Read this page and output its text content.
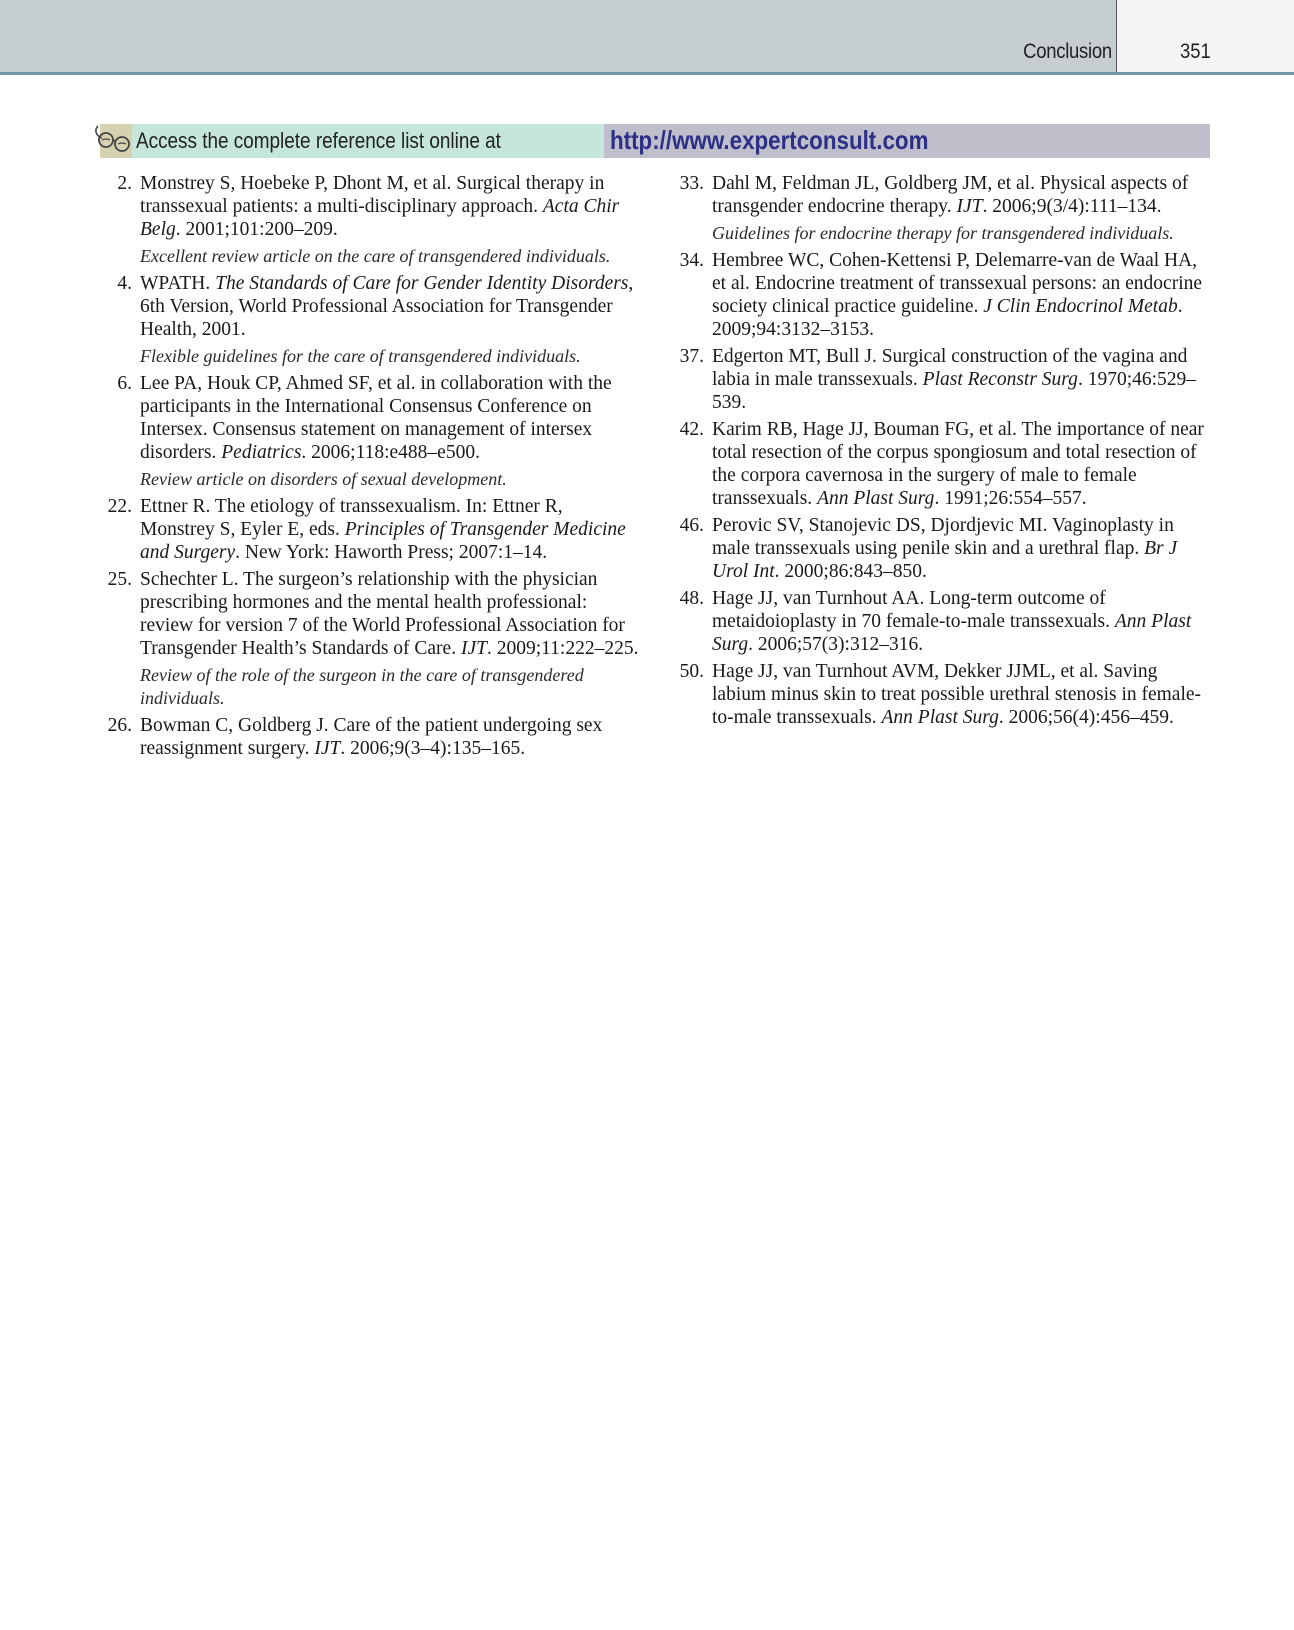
Conclusion	351
Access the complete reference list online at	http://www.expertconsult.com
2. Monstrey S, Hoebeke P, Dhont M, et al. Surgical therapy in transsexual patients: a multi-disciplinary approach. Acta Chir Belg. 2001;101:200–209.
Excellent review article on the care of transgendered individuals.
4. WPATH. The Standards of Care for Gender Identity Disorders, 6th Version, World Professional Association for Transgender Health, 2001.
Flexible guidelines for the care of transgendered individuals.
6. Lee PA, Houk CP, Ahmed SF, et al. in collaboration with the participants in the International Consensus Conference on Intersex. Consensus statement on management of intersex disorders. Pediatrics. 2006;118:e488–e500.
Review article on disorders of sexual development.
22. Ettner R. The etiology of transsexualism. In: Ettner R, Monstrey S, Eyler E, eds. Principles of Transgender Medicine and Surgery. New York: Haworth Press; 2007:1–14.
25. Schechter L. The surgeon’s relationship with the physician prescribing hormones and the mental health professional: review for version 7 of the World Professional Association for Transgender Health’s Standards of Care. IJT. 2009;11:222–225.
Review of the role of the surgeon in the care of transgendered individuals.
26. Bowman C, Goldberg J. Care of the patient undergoing sex reassignment surgery. IJT. 2006;9(3–4):135–165.
33. Dahl M, Feldman JL, Goldberg JM, et al. Physical aspects of transgender endocrine therapy. IJT. 2006;9(3/4):111–134.
Guidelines for endocrine therapy for transgendered individuals.
34. Hembree WC, Cohen-Kettensi P, Delemarre-van de Waal HA, et al. Endocrine treatment of transsexual persons: an endocrine society clinical practice guideline. J Clin Endocrinol Metab. 2009;94:3132–3153.
37. Edgerton MT, Bull J. Surgical construction of the vagina and labia in male transsexuals. Plast Reconstr Surg. 1970;46:529–539.
42. Karim RB, Hage JJ, Bouman FG, et al. The importance of near total resection of the corpus spongiosum and total resection of the corpora cavernosa in the surgery of male to female transsexuals. Ann Plast Surg. 1991;26:554–557.
46. Perovic SV, Stanojevic DS, Djordjevic MI. Vaginoplasty in male transsexuals using penile skin and a urethral flap. Br J Urol Int. 2000;86:843–850.
48. Hage JJ, van Turnhout AA. Long-term outcome of metaidoioplasty in 70 female-to-male transsexuals. Ann Plast Surg. 2006;57(3):312–316.
50. Hage JJ, van Turnhout AVM, Dekker JJML, et al. Saving labium minus skin to treat possible urethral stenosis in female-to-male transsexuals. Ann Plast Surg. 2006;56(4):456–459.
